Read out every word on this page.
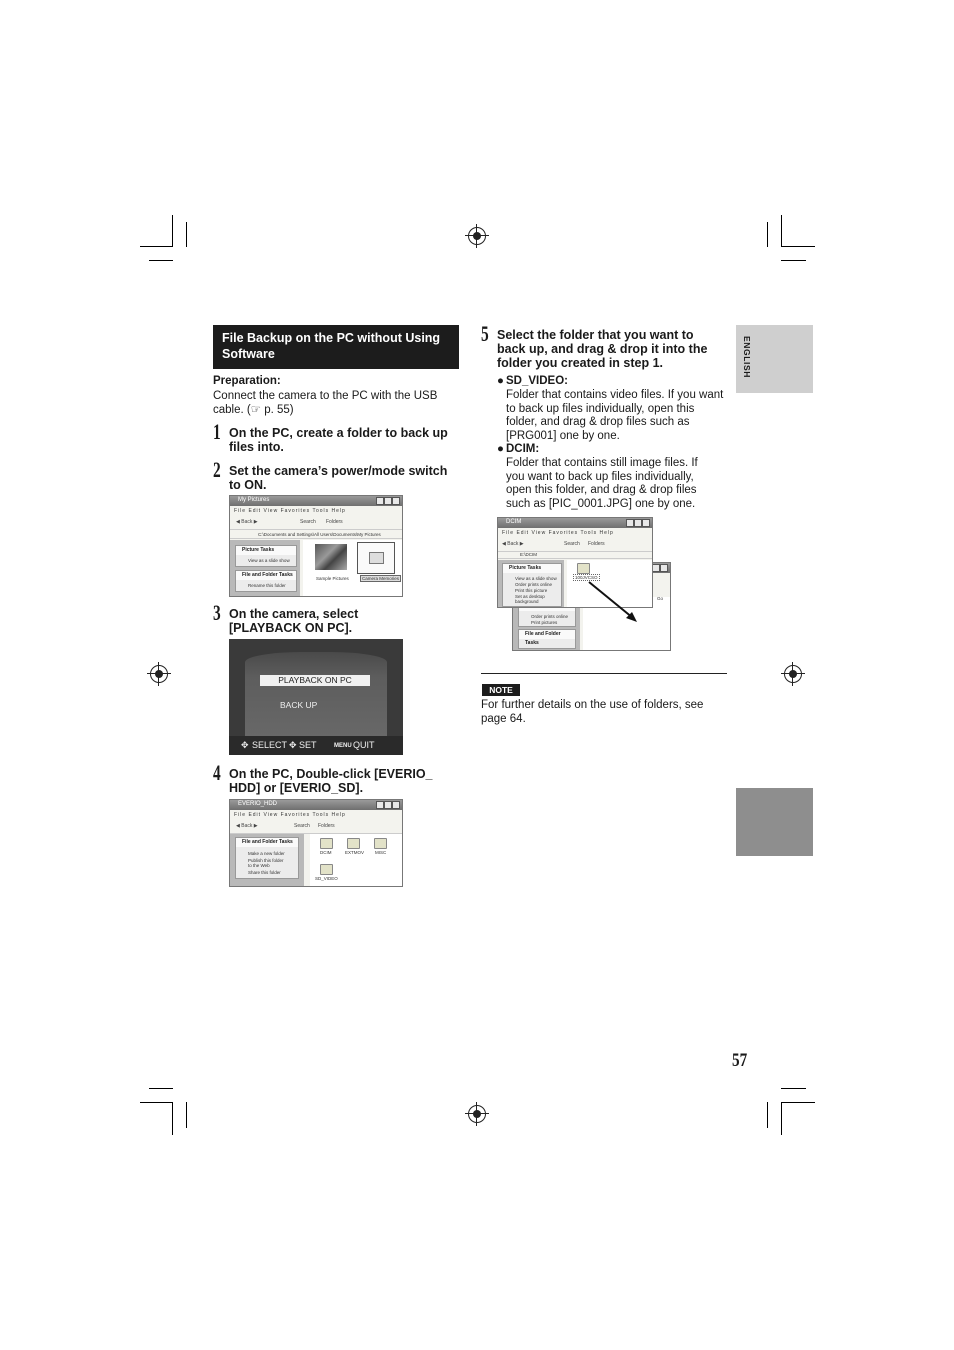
File Backup on the PC without Using Software
Preparation:
Connect the camera to the PC with the USB cable. (☞ p. 55)
1 On the PC, create a folder to back up files into.
2 Set the camera’s power/mode switch to ON.
My Pictures
File Edit View Favorites Tools Help
◀ Back ▶	Search Folders
C:\Documents and Settings\All Users\Documents\My Pictures
Picture Tasks
View as a slide show
File and Folder Tasks
Rename this folder
Sample Pictures	Camera Memories
3 On the camera, select [PLAYBACK ON PC].
PLAYBACK ON PC
BACK UP
✥ SELECT ✥ SET	MENU QUIT
4 On the PC, Double-click [EVERIO_ HDD] or [EVERIO_SD].
EVERIO_HDD
File Edit View Favorites Tools Help
◀ Back ▶	Search Folders
File and Folder Tasks
Make a new folder
Publish this folder to the Web
Share this folder
DCIM	EXTMOV MISC
SD_VIDEO
5 Select the folder that you want to back up, and drag & drop it into the folder you created in step 1.
● SD_VIDEO:
Folder that contains video files. If you want to back up files individually, open this folder, and drag & drop files such as [PRG001] one by one.
● DCIM:
Folder that contains still image files. If you want to back up files individually, open this folder, and drag & drop files such as [PIC_0001.JPG] one by one.
Order prints online
Print pictures
File and Folder Tasks
Go
DCIM
File Edit View Favorites Tools Help
◀ Back ▶	Search Folders
E:\DCIM
Picture Tasks
View as a slide show
Order prints online
Print this picture
Set as desktop background
100JVCSO
NOTE
For further details on the use of folders, see page 64.
ENGLISH
57
